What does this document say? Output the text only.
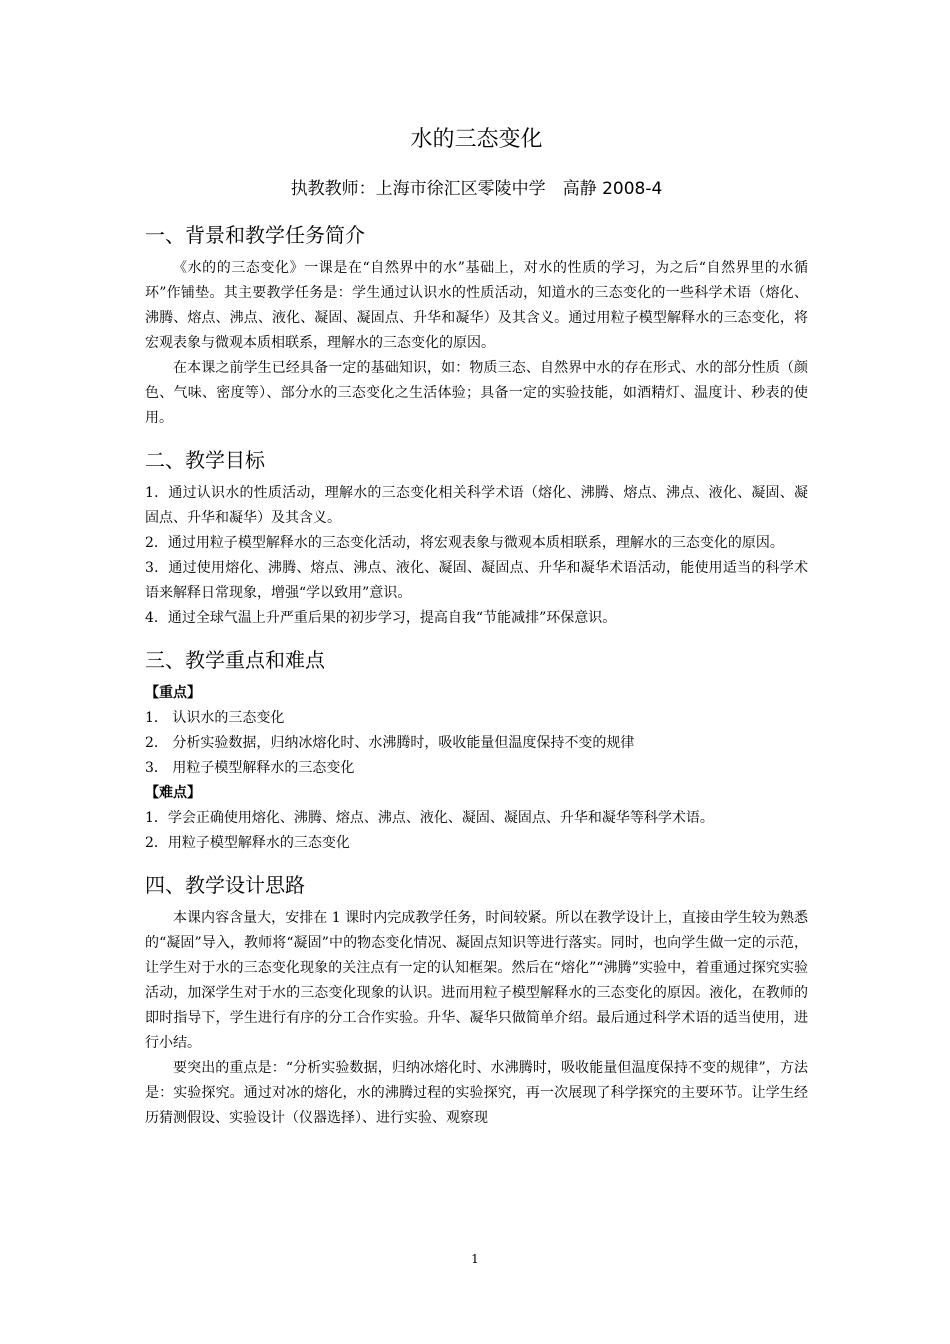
水的三态变化
执教教师：上海市徐汇区零陵中学　高静 2008-4
一、背景和教学任务简介

《水的的三态变化》一课是在“自然界中的水”基础上，对水的性质的学习，为之后“自然界里的水循环”作铺垫。其主要教学任务是：学生通过认识水的性质活动，知道水的三态变化的一些科学术语（熔化、沸腾、熔点、沸点、液化、凝固、凝固点、升华和凝华）及其含义。通过用粒子模型解释水的三态变化，将宏观表象与微观本质相联系，理解水的三态变化的原因。

在本课之前学生已经具备一定的基础知识，如：物质三态、自然界中水的存在形式、水的部分性质（颜色、气味、密度等）、部分水的三态变化之生活体验；具备一定的实验技能，如酒精灯、温度计、秒表的使用。

二、教学目标

1．通过认识水的性质活动，理解水的三态变化相关科学术语（熔化、沸腾、熔点、沸点、液化、凝固、凝固点、升华和凝华）及其含义。

2．通过用粒子模型解释水的三态变化活动，将宏观表象与微观本质相联系，理解水的三态变化的原因。

3．通过使用熔化、沸腾、熔点、沸点、液化、凝固、凝固点、升华和凝华术语活动，能使用适当的科学术语来解释日常现象，增强“学以致用”意识。

4．通过全球气温上升严重后果的初步学习，提高自我“节能减排”环保意识。

三、教学重点和难点

【重点】

1． 认识水的三态变化

2． 分析实验数据，归纳冰熔化时、水沸腾时，吸收能量但温度保持不变的规律

3． 用粒子模型解释水的三态变化

【难点】

1．学会正确使用熔化、沸腾、熔点、沸点、液化、凝固、凝固点、升华和凝华等科学术语。

2．用粒子模型解释水的三态变化

四、教学设计思路

本课内容含量大，安排在 1 课时内完成教学任务，时间较紧。所以在教学设计上，直接由学生较为熟悉的“凝固”导入，教师将“凝固”中的物态变化情况、凝固点知识等进行落实。同时，也向学生做一定的示范，让学生对于水的三态变化现象的关注点有一定的认知框架。然后在“熔化”“沸腾”实验中，着重通过探究实验活动，加深学生对于水的三态变化现象的认识。进而用粒子模型解释水的三态变化的原因。液化，在教师的即时指导下，学生进行有序的分工合作实验。升华、凝华只做简单介绍。最后通过科学术语的适当使用，进行小结。

要突出的重点是：“分析实验数据，归纳冰熔化时、水沸腾时，吸收能量但温度保持不变的规律”，方法是：实验探究。通过对冰的熔化，水的沸腾过程的实验探究，再一次展现了科学探究的主要环节。让学生经历猜测假设、实验设计（仪器选择）、进行实验、观察现

1
